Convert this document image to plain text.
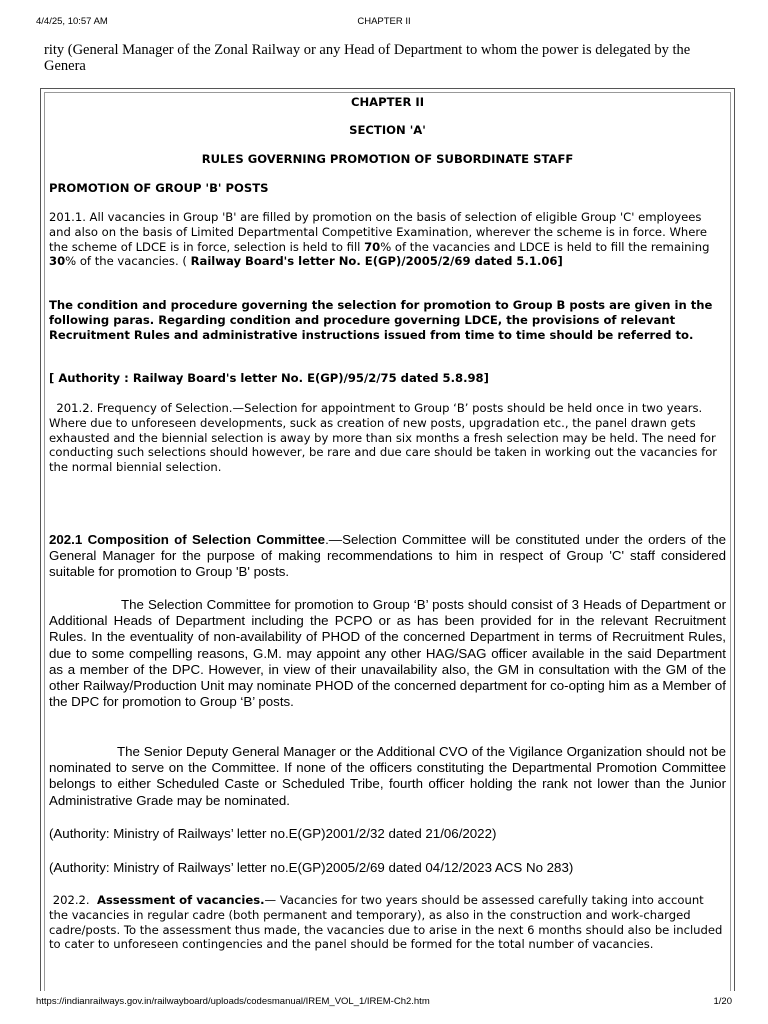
4/4/25, 10:57 AM	CHAPTER II
rity (General Manager of the Zonal Railway or any Head of Department to whom the power is delegated by the Genera
CHAPTER II
SECTION 'A'
RULES GOVERNING PROMOTION OF SUBORDINATE STAFF
PROMOTION OF GROUP 'B' POSTS

201.1. All vacancies in Group 'B' are filled by promotion on the basis of selection of eligible Group 'C' employees and also on the basis of Limited Departmental Competitive Examination, wherever the scheme is in force. Where the scheme of LDCE is in force, selection is held to fill 70% of the vacancies and LDCE is held to fill the remaining 30% of the vacancies. ( Railway Board's letter No. E(GP)/2005/2/69 dated 5.1.06]

The condition and procedure governing the selection for promotion to Group B posts are given in the following paras. Regarding condition and procedure governing LDCE, the provisions of relevant Recruitment Rules and administrative instructions issued from time to time should be referred to.

[ Authority : Railway Board's letter No. E(GP)/95/2/75 dated 5.8.98]

201.2. Frequency of Selection.—Selection for appointment to Group ‘B’ posts should be held once in two years.  Where due to unforeseen developments, suck as creation of new posts, upgradation etc., the panel drawn gets exhausted and the biennial selection is away by more than six months a fresh selection may be held. The need for conducting such selections should however, be rare and due care should be taken in working out the vacancies for the normal biennial selection.

202.1 Composition of Selection Committee.—Selection Committee will be constituted under the orders of the General Manager for the purpose of making recommendations to him in respect of Group 'C' staff considered suitable for promotion to Group 'B' posts.

The Selection Committee for promotion to Group ‘B’ posts should consist of 3 Heads of Department or Additional Heads of Department including the PCPO or as has been provided for in the relevant Recruitment Rules. In the eventuality of non-availability of PHOD of the concerned Department in terms of Recruitment Rules, due to some compelling reasons, G.M. may appoint any other HAG/SAG officer available in the said Department as a member of the DPC. However, in view of their unavailability also, the GM in consultation with the GM of the other Railway/Production Unit may nominate PHOD of the concerned department for co-opting him as a Member of the DPC for promotion to Group ‘B’ posts.

The Senior Deputy General Manager or the Additional CVO of the Vigilance Organization should not be nominated to serve on the Committee. If none of the officers constituting the Departmental Promotion Committee belongs to either Scheduled Caste or Scheduled Tribe, fourth officer holding the rank not lower than the Junior Administrative Grade may be nominated.

(Authority: Ministry of Railways’ letter no.E(GP)2001/2/32 dated 21/06/2022)

(Authority: Ministry of Railways’ letter no.E(GP)2005/2/69 dated 04/12/2023 ACS No 283)

202.2.  Assessment of vacancies.— Vacancies for two years should be assessed carefully taking into account the vacancies in regular cadre (both permanent and temporary), as also in the construction and work-charged cadre/posts. To the assessment thus made, the vacancies due to arise in the next 6 months should also be included to cater to unforeseen contingencies and the panel should be formed for the total number of vacancies.

https://indianrailways.gov.in/railwayboard/uploads/codesmanual/IREM_VOL_1/IREM-Ch2.htm	1/20
